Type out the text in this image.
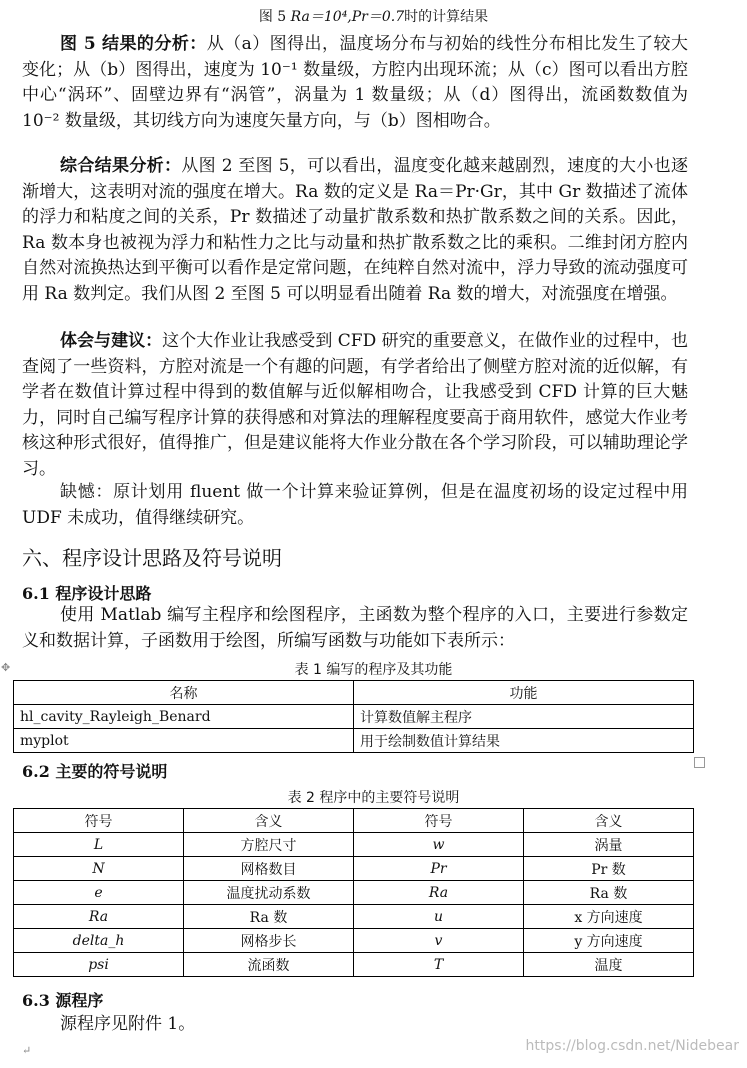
图 5 Ra＝10⁴,Pr＝0.7时的计算结果

图 5 结果的分析：从（a）图得出，温度场分布与初始的线性分布相比发生了较大变化；从（b）图得出，速度为 10⁻¹ 数量级，方腔内出现环流；从（c）图可以看出方腔中心“涡环”、固壁边界有“涡管”，涡量为 1 数量级；从（d）图得出，流函数数值为 10⁻² 数量级，其切线方向为速度矢量方向，与（b）图相吻合。

综合结果分析：从图 2 至图 5，可以看出，温度变化越来越剧烈，速度的大小也逐渐增大，这表明对流的强度在增大。Ra 数的定义是 Ra＝Pr·Gr，其中 Gr 数描述了流体的浮力和粘度之间的关系，Pr 数描述了动量扩散系数和热扩散系数之间的关系。因此，Ra 数本身也被视为浮力和粘性力之比与动量和热扩散系数之比的乘积。二维封闭方腔内自然对流换热达到平衡可以看作是定常问题，在纯粹自然对流中，浮力导致的流动强度可用 Ra 数判定。我们从图 2 至图 5 可以明显看出随着 Ra 数的增大，对流强度在增强。

体会与建议：这个大作业让我感受到 CFD 研究的重要意义，在做作业的过程中，也查阅了一些资料，方腔对流是一个有趣的问题，有学者给出了侧壁方腔对流的近似解，有学者在数值计算过程中得到的数值解与近似解相吻合，让我感受到 CFD 计算的巨大魅力，同时自己编写程序计算的获得感和对算法的理解程度要高于商用软件，感觉大作业考核这种形式很好，值得推广，但是建议能将大作业分散在各个学习阶段，可以辅助理论学习。

缺憾：原计划用 fluent 做一个计算来验证算例，但是在温度初场的设定过程中用 UDF 未成功，值得继续研究。

六、程序设计思路及符号说明
6.1 程序设计思路

使用 Matlab 编写主程序和绘图程序，主函数为整个程序的入口，主要进行参数定义和数据计算，子函数用于绘图，所编写函数与功能如下表所示：

✥	表 1 编写的程序及其功能
名称	功能
hl_cavity_Rayleigh_Benard	计算数值解主程序
myplot	用于绘制数值计算结果
6.2 主要的符号说明
表 2 程序中的主要符号说明
符号	含义	符号	含义
L	方腔尺寸	w	涡量
N	网格数目	Pr	Pr 数
e	温度扰动系数	Ra	Ra 数
Ra	Ra 数	u	x 方向速度
delta_h	网格步长	v	y 方向速度
psi	流函数	T	温度
6.3 源程序

源程序见附件 1。

↵	https://blog.csdn.net/Nidebear
